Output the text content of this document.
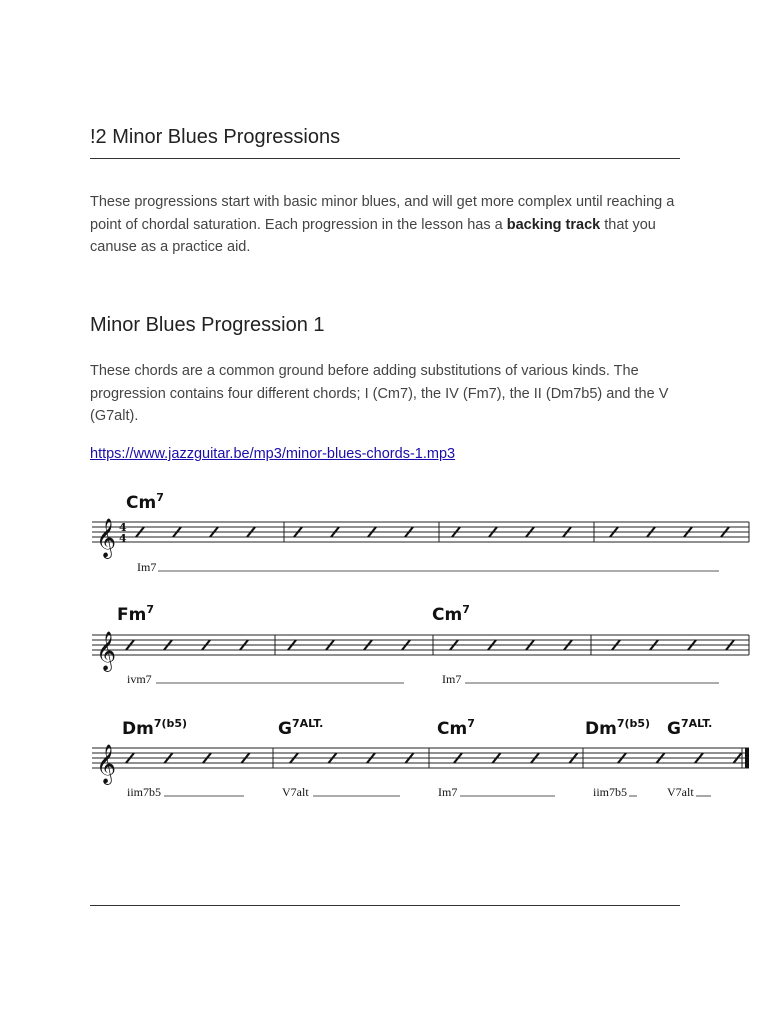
!2 Minor Blues Progressions

These progressions start with basic minor blues, and will get more complex until reaching a point of chordal saturation. Each progression in the lesson has a backing track that you canuse as a practice aid.

Minor Blues Progression 1

These chords are a common ground before adding substitutions of various kinds. The progression contains four different chords; I (Cm7), the IV (Fm7), the II (Dm7b5) and the V (G7alt).

https://www.jazzguitar.be/mp3/minor-blues-chords-1.mp3
Cm$^7$
𝄞 4
4
Im7
Fm$^7$	Cm$^7$
𝄞
ivm7	Im7
$Dm^{7(b5)}$	$G^{7ALT.}$	Cm$^7$	$Dm^{7(b5)}$ $G^{7ALT.}$
𝄞
iim7b5	V7alt	Im7	iim7b5	V7alt
